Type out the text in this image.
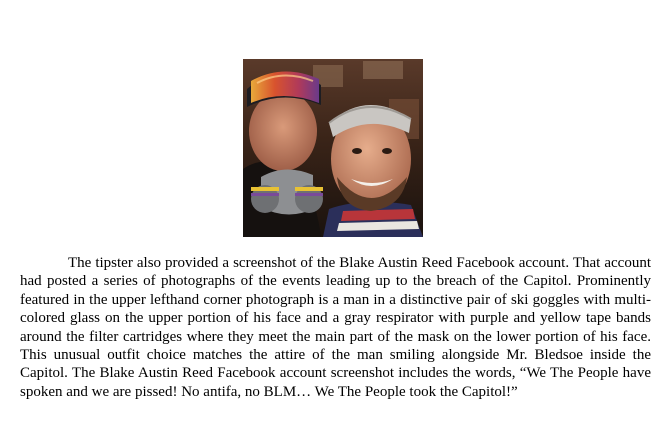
The tipster also provided a screenshot of the Blake Austin Reed Facebook account. That account had posted a series of photographs of the events leading up to the breach of the Capitol. Prominently featured in the upper lefthand corner photograph is a man in a distinctive pair of ski goggles with multi-colored glass on the upper portion of his face and a gray respirator with purple and yellow tape bands around the filter cartridges where they meet the main part of the mask on the lower portion of his face. This unusual outfit choice matches the attire of the man smiling alongside Mr. Bledsoe inside the Capitol. The Blake Austin Reed Facebook account screenshot includes the words, “We The People have spoken and we are pissed! No antifa, no BLM… We The People took the Capitol!”
